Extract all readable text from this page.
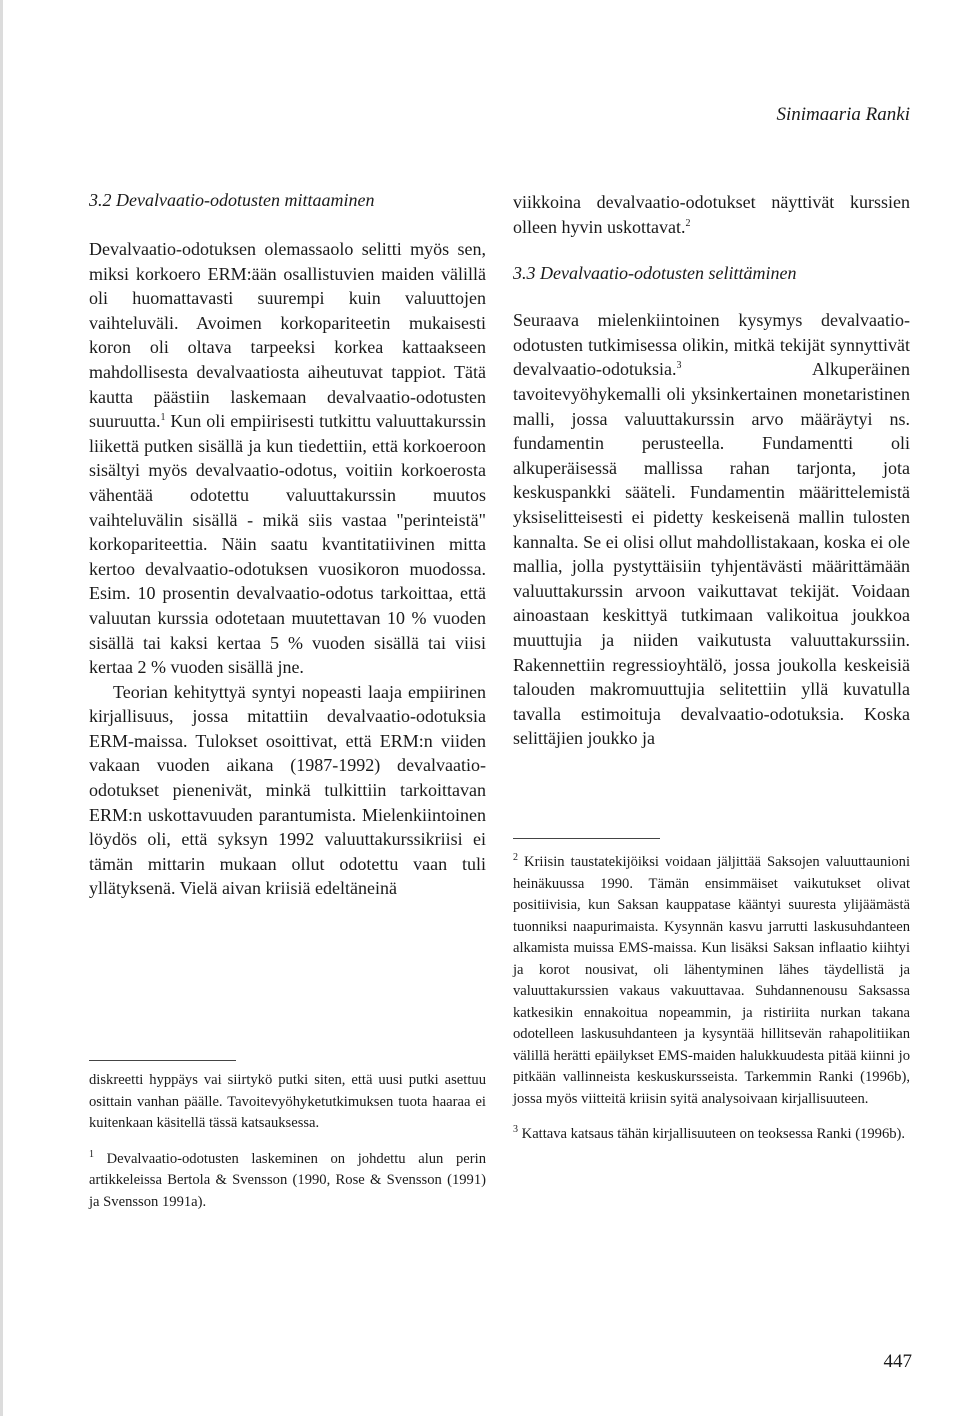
Sinimaaria Ranki

3.2 Devalvaatio-odotusten mittaaminen

Devalvaatio-odotuksen olemassaolo selitti myös sen, miksi korkoero ERM:ään osallistuvien maiden välillä oli huomattavasti suurempi kuin valuuttojen vaihteluväli. Avoimen korkopariteetin mukaisesti koron oli oltava tarpeeksi korkea kattaakseen mahdollisesta devalvaatiosta aiheutuvat tappiot. Tätä kautta päästiin laskemaan devalvaatio-odotusten suuruutta.$^1$ Kun oli empiirisesti tutkittu valuuttakurssin liikettä putken sisällä ja kun tiedettiin, että korkoeroon sisältyi myös devalvaatio-odotus, voitiin korkoerosta vähentää odotettu valuuttakurssin muutos vaihteluvälin sisällä - mikä siis vastaa "perinteistä" korkopariteettia. Näin saatu kvantitatiivinen mitta kertoo devalvaatio-odotuksen vuosikoron muodossa. Esim. 10 prosentin devalvaatio-odotus tarkoittaa, että valuutan kurssia odotetaan muutettavan 10 % vuoden sisällä tai kaksi kertaa 5 % vuoden sisällä tai viisi kertaa 2 % vuoden sisällä jne.

Teorian kehityttyä syntyi nopeasti laaja empiirinen kirjallisuus, jossa mitattiin devalvaatio-odotuksia ERM-maissa. Tulokset osoittivat, että ERM:n viiden vakaan vuoden aikana (1987-1992) devalvaatio-odotukset pienenivät, minkä tulkittiin tarkoittavan ERM:n uskottavuuden parantumista. Mielenkiintoinen löydös oli, että syksyn 1992 valuuttakurssikriisi ei tämän mittarin mukaan ollut odotettu vaan tuli yllätyksenä. Vielä aivan kriisiä edeltäneinä

diskreetti hyppäys vai siirtykö putki siten, että uusi putki asettuu osittain vanhan päälle. Tavoitevyöhyketutkimuksen tuota haaraa ei kuitenkaan käsitellä tässä katsauksessa.

$^1$ Devalvaatio-odotusten laskeminen on johdettu alun perin artikkeleissa Bertola & Svensson (1990, Rose & Svensson (1991) ja Svensson 1991a).

viikkoina devalvaatio-odotukset näyttivät kurssien olleen hyvin uskottavat.$^2$

3.3 Devalvaatio-odotusten selittäminen

Seuraava mielenkiintoinen kysymys devalvaatio-odotusten tutkimisessa olikin, mitkä tekijät synnyttivät devalvaatio-odotuksia.$^3$ Alkuperäinen tavoitevyöhykemalli oli yksinkertainen monetaristinen malli, jossa valuuttakurssin arvo määräytyi ns. fundamentin perusteella. Fundamentti oli alkuperäisessä mallissa rahan tarjonta, jota keskuspankki sääteli. Fundamentin määrittelemistä yksiselitteisesti ei pidetty keskeisenä mallin tulosten kannalta. Se ei olisi ollut mahdollistakaan, koska ei ole mallia, jolla pystyttäisiin tyhjentävästi määrittämään valuuttakurssin arvoon vaikuttavat tekijät. Voidaan ainoastaan keskittyä tutkimaan valikoitua joukkoa muuttujia ja niiden vaikutusta valuuttakurssiin. Rakennettiin regressioyhtälö, jossa joukolla keskeisiä talouden makromuuttujia selitettiin yllä kuvatulla tavalla estimoituja devalvaatio-odotuksia. Koska selittäjien joukko ja

$^2$ Kriisin taustatekijöiksi voidaan jäljittää Saksojen valuuttaunioni heinäkuussa 1990. Tämän ensimmäiset vaikutukset olivat positiivisia, kun Saksan kauppatase kääntyi suuresta ylijäämästä tuonniksi naapurimaista. Kysynnän kasvu jarrutti laskusuhdanteen alkamista muissa EMS-maissa. Kun lisäksi Saksan inflaatio kiihtyi ja korot nousivat, oli lähentyminen lähes täydellistä ja valuuttakurssien vakaus vakuuttavaa. Suhdannenousu Saksassa katkesikin ennakoitua nopeammin, ja ristiriita nurkan takana odotelleen laskusuhdanteen ja kysyntää hillitsevän rahapolitiikan välillä herätti epäilykset EMS-maiden halukkuudesta pitää kiinni jo pitkään vallinneista keskuskursseista. Tarkemmin Ranki (1996b), jossa myös viitteitä kriisin syitä analysoivaan kirjallisuuteen.

$^3$ Kattava katsaus tähän kirjallisuuteen on teoksessa Ranki (1996b).

447
